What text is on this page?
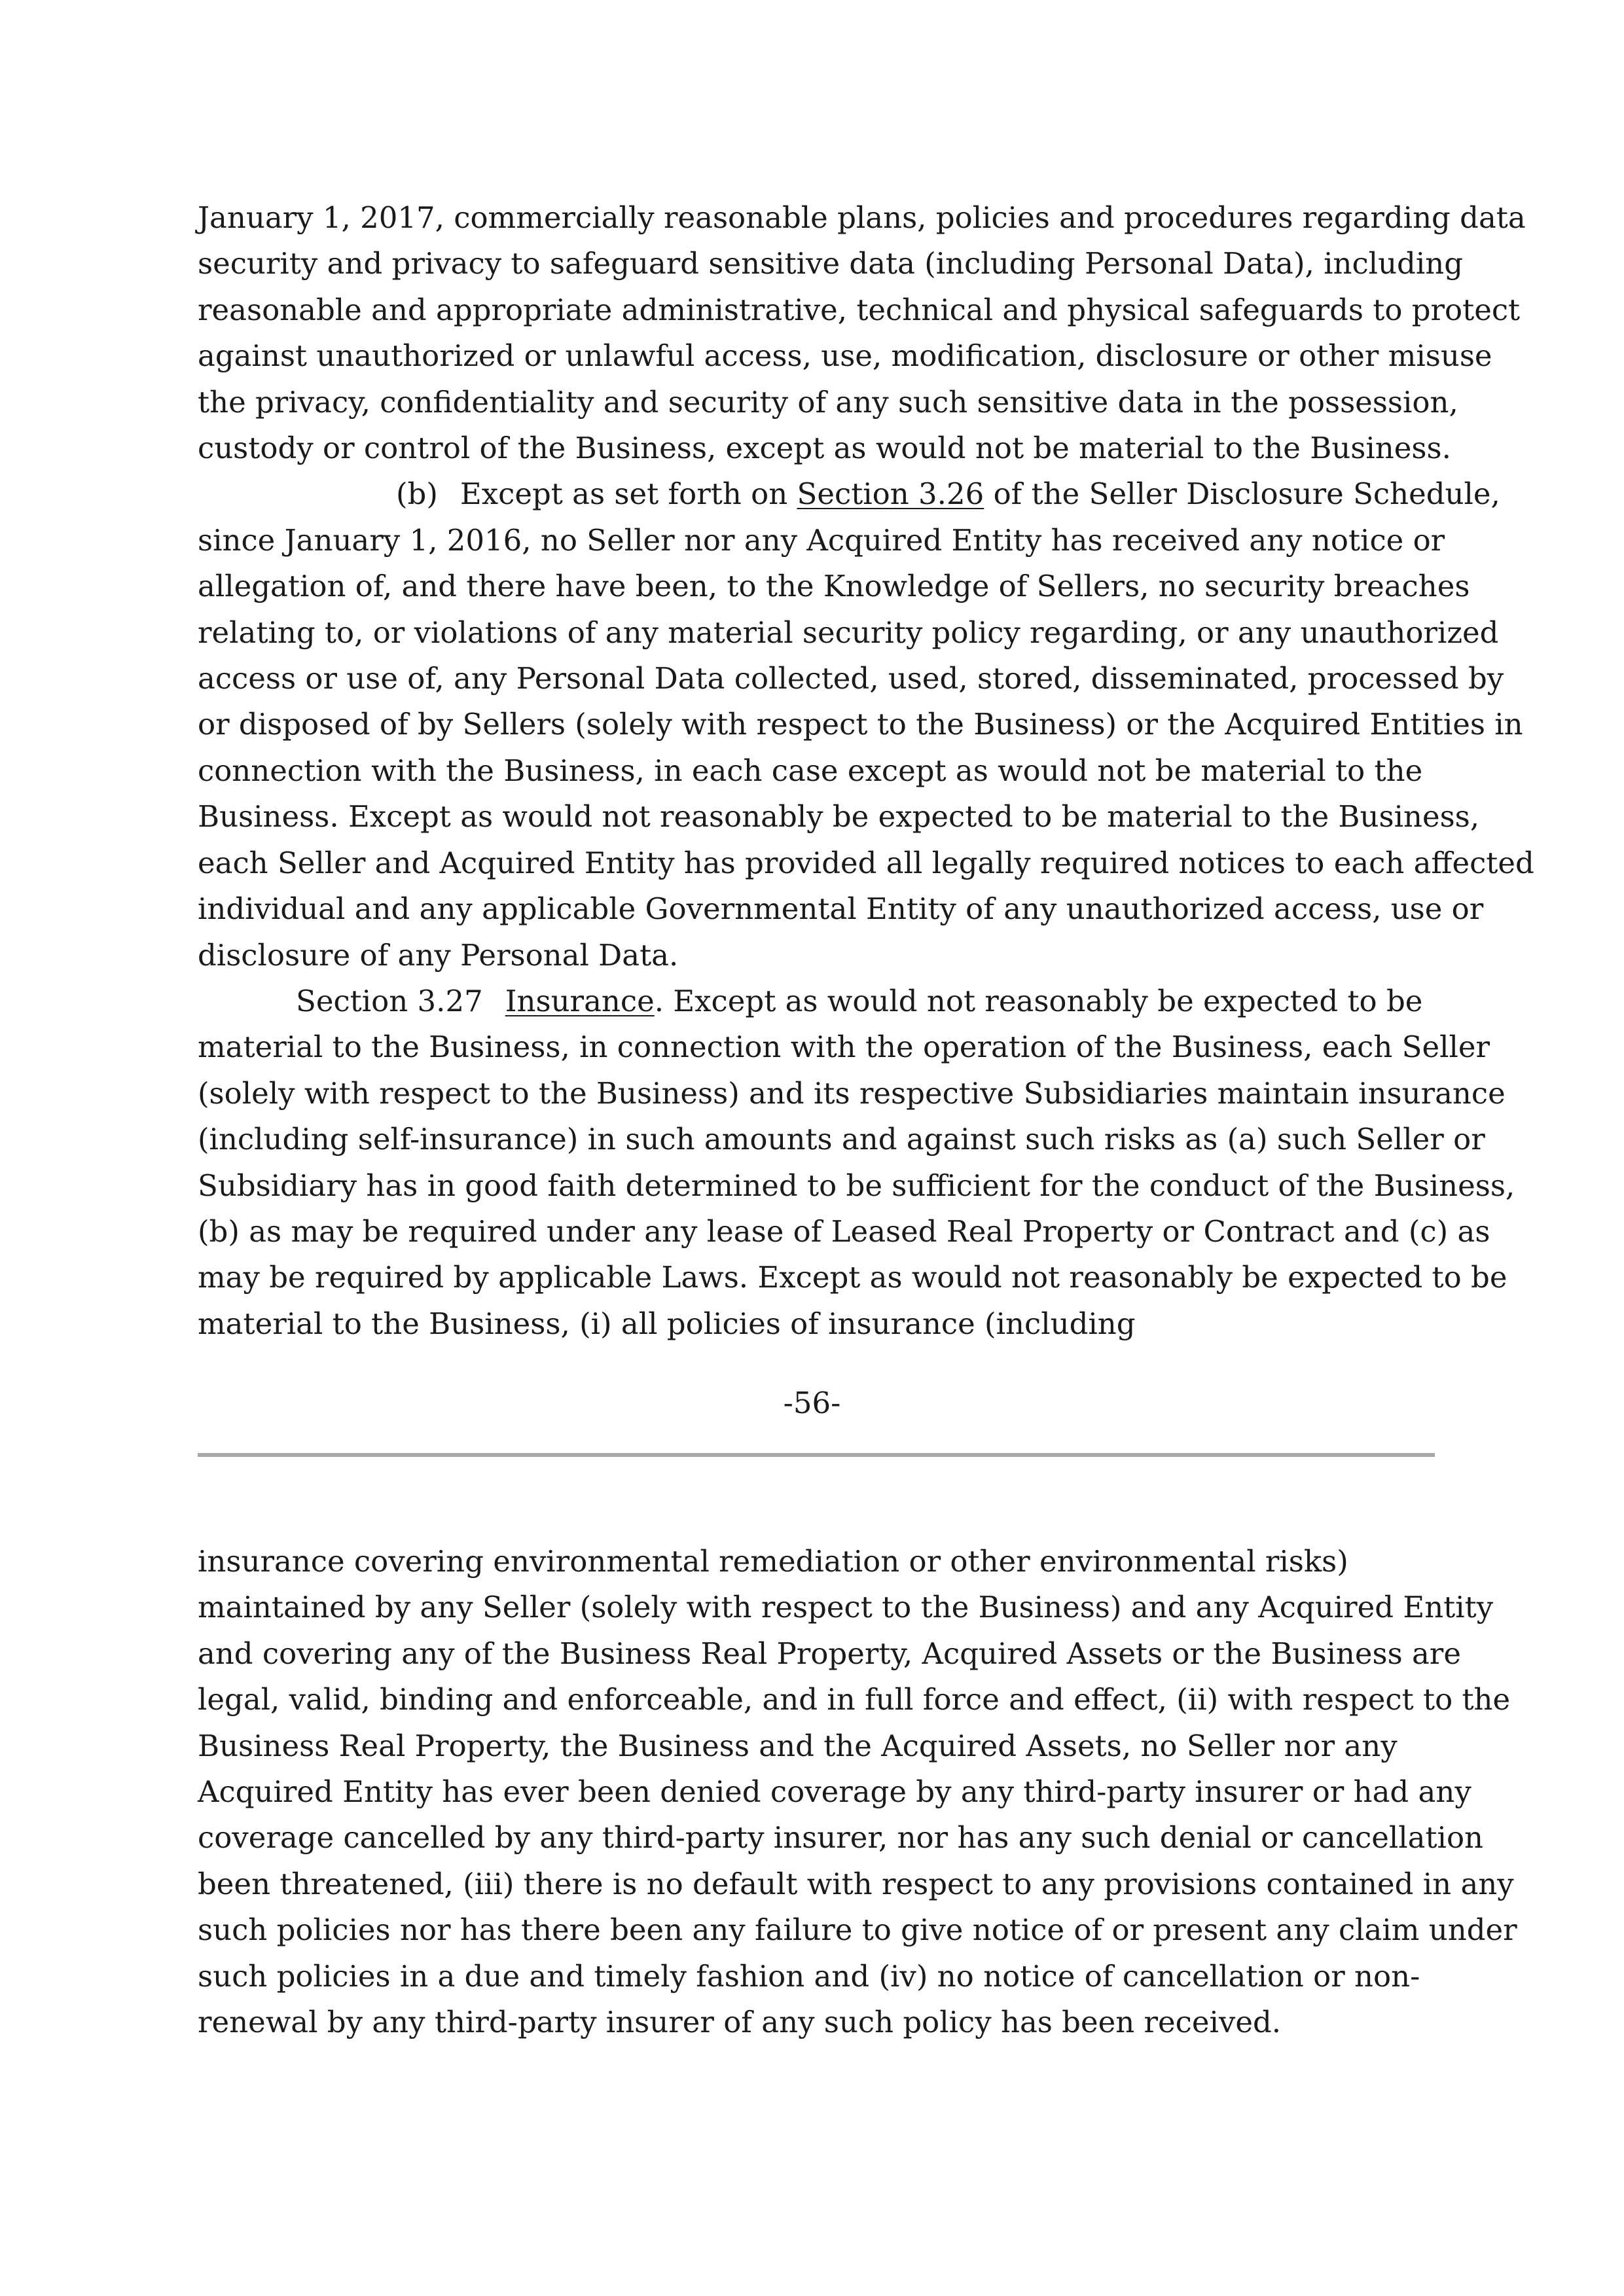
January 1, 2017, commercially reasonable plans, policies and procedures regarding data
security and privacy to safeguard sensitive data (including Personal Data), including
reasonable and appropriate administrative, technical and physical safeguards to protect
against unauthorized or unlawful access, use, modification, disclosure or other misuse
the privacy, confidentiality and security of any such sensitive data in the possession,
custody or control of the Business, except as would not be material to the Business.
(b) Except as set forth on Section 3.26 of the Seller Disclosure Schedule,
since January 1, 2016, no Seller nor any Acquired Entity has received any notice or
allegation of, and there have been, to the Knowledge of Sellers, no security breaches
relating to, or violations of any material security policy regarding, or any unauthorized
access or use of, any Personal Data collected, used, stored, disseminated, processed by
or disposed of by Sellers (solely with respect to the Business) or the Acquired Entities in
connection with the Business, in each case except as would not be material to the
Business. Except as would not reasonably be expected to be material to the Business,
each Seller and Acquired Entity has provided all legally required notices to each affected
individual and any applicable Governmental Entity of any unauthorized access, use or
disclosure of any Personal Data.
Section 3.27 Insurance. Except as would not reasonably be expected to be
material to the Business, in connection with the operation of the Business, each Seller
(solely with respect to the Business) and its respective Subsidiaries maintain insurance
(including self-insurance) in such amounts and against such risks as (a) such Seller or
Subsidiary has in good faith determined to be sufficient for the conduct of the Business,
(b) as may be required under any lease of Leased Real Property or Contract and (c) as
may be required by applicable Laws. Except as would not reasonably be expected to be
material to the Business, (i) all policies of insurance (including
-56-
insurance covering environmental remediation or other environmental risks)
maintained by any Seller (solely with respect to the Business) and any Acquired Entity
and covering any of the Business Real Property, Acquired Assets or the Business are
legal, valid, binding and enforceable, and in full force and effect, (ii) with respect to the
Business Real Property, the Business and the Acquired Assets, no Seller nor any
Acquired Entity has ever been denied coverage by any third-party insurer or had any
coverage cancelled by any third-party insurer, nor has any such denial or cancellation
been threatened, (iii) there is no default with respect to any provisions contained in any
such policies nor has there been any failure to give notice of or present any claim under
such policies in a due and timely fashion and (iv) no notice of cancellation or non-
renewal by any third-party insurer of any such policy has been received.
